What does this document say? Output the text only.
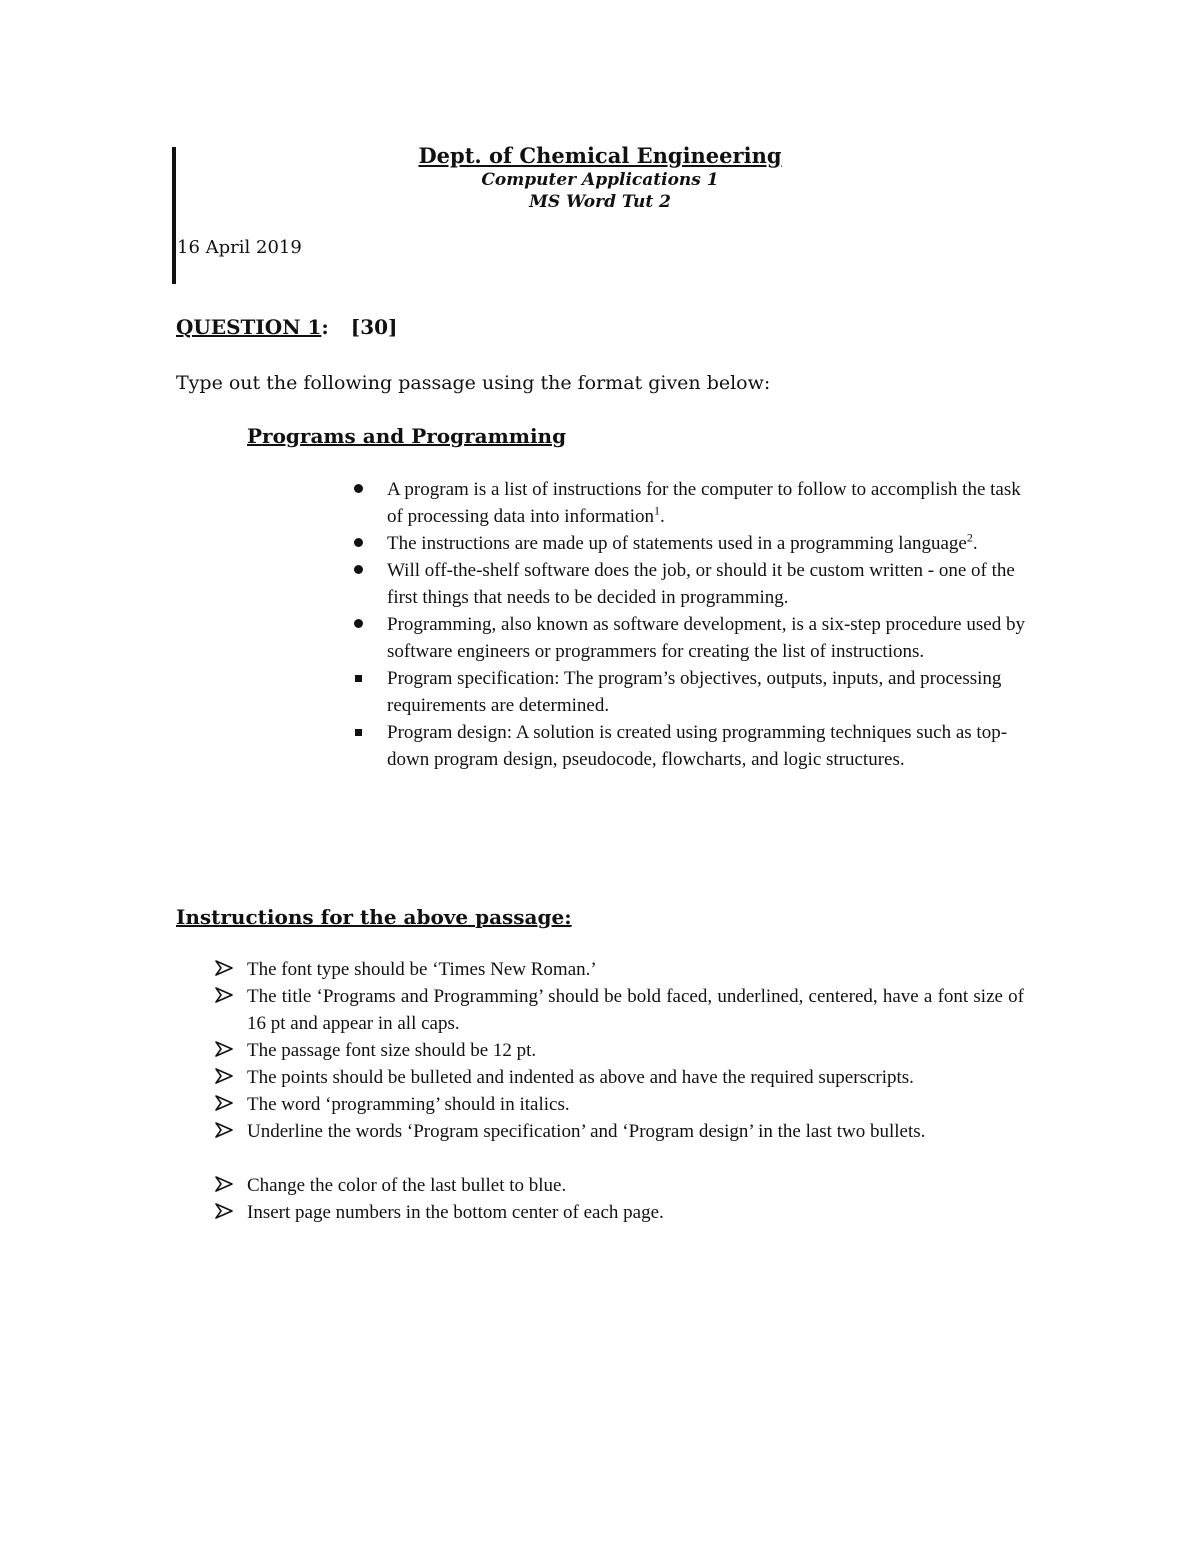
Dept. of Chemical Engineering
Computer Applications 1
MS Word Tut 2
16 April 2019
QUESTION 1: [30]
Type out the following passage using the format given below:
Programs and Programming
A program is a list of instructions for the computer to follow to accomplish the task of processing data into information$^1$.
The instructions are made up of statements used in a programming language$^2$.
Will off-the-shelf software does the job, or should it be custom written - one of the first things that needs to be decided in programming.
Programming, also known as software development, is a six-step procedure used by software engineers or programmers for creating the list of instructions.
Program specification: The program’s objectives, outputs, inputs, and processing requirements are determined.
Program design: A solution is created using programming techniques such as top-down program design, pseudocode, flowcharts, and logic structures.
Instructions for the above passage:
The font type should be ‘Times New Roman.’
The title ‘Programs and Programming’ should be bold faced, underlined, centered, have a font size of 16 pt and appear in all caps.
The passage font size should be 12 pt.
The points should be bulleted and indented as above and have the required superscripts.
The word ‘programming’ should in italics.
Underline the words ‘Program specification’ and ‘Program design’ in the last two bullets.
Change the color of the last bullet to blue.
Insert page numbers in the bottom center of each page.
